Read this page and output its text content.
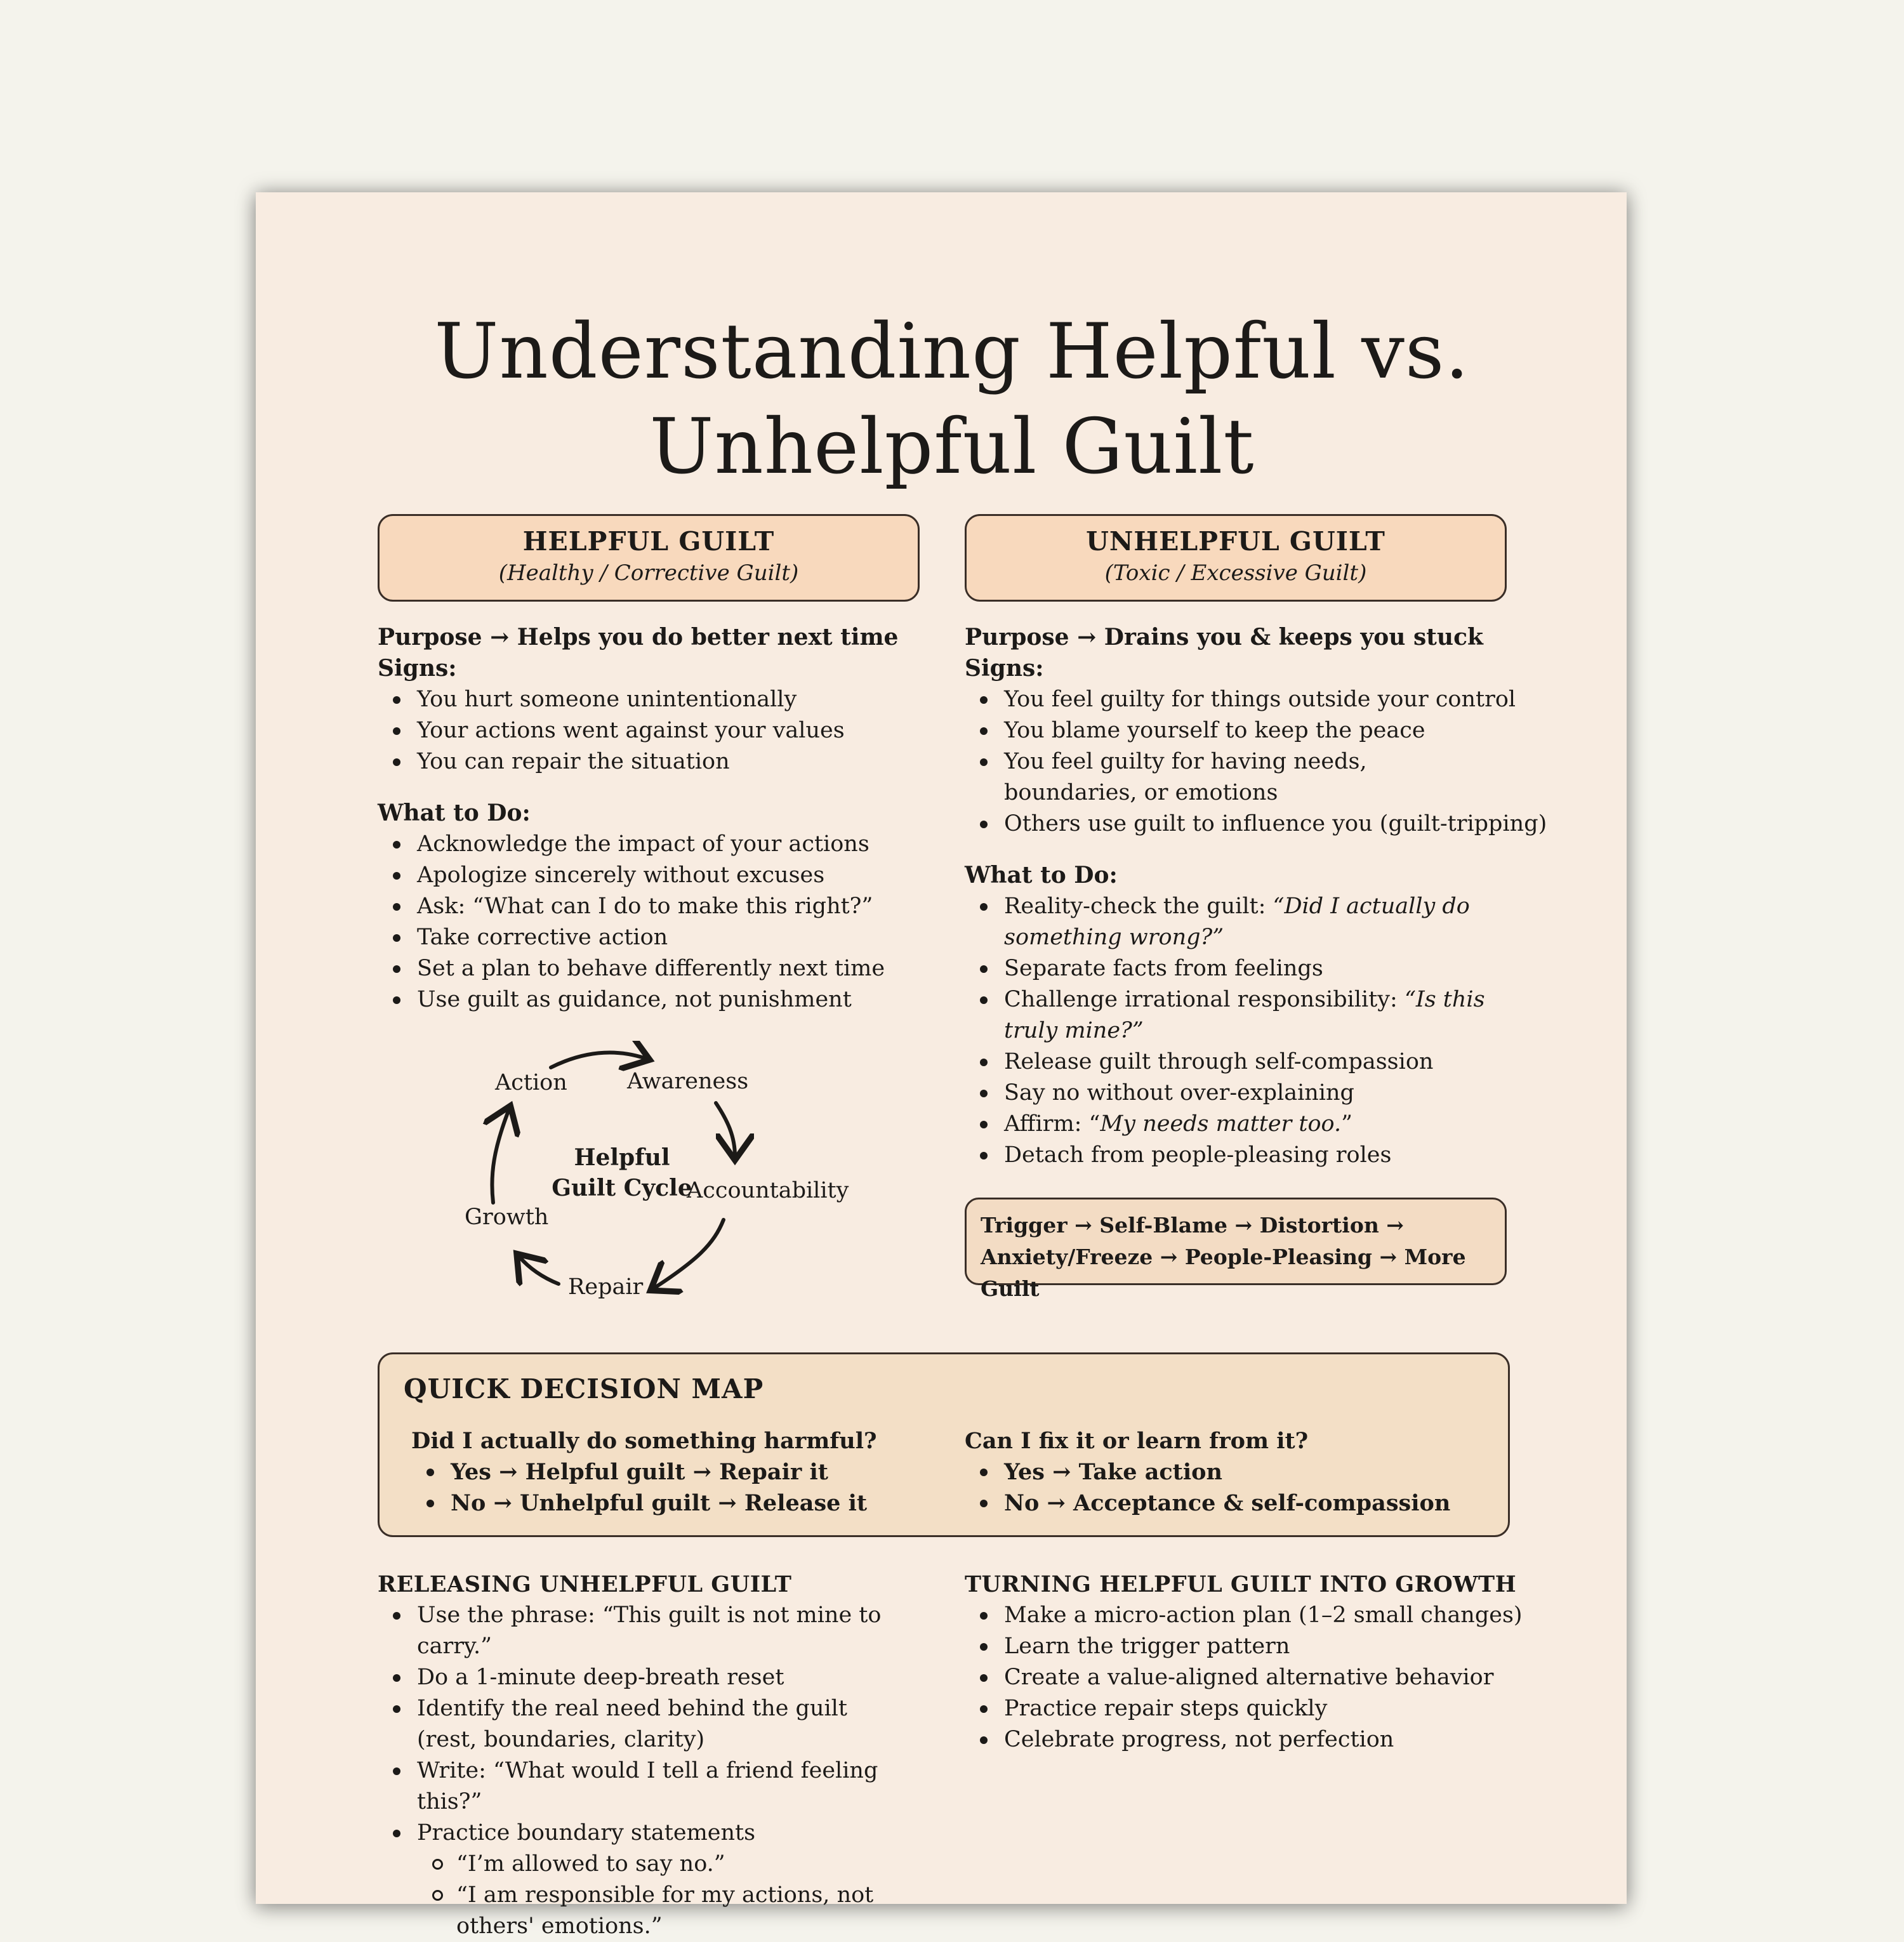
Understanding Helpful vs.
Unhelpful Guilt
HELPFUL GUILT
(Healthy / Corrective Guilt)
UNHELPFUL GUILT
(Toxic / Excessive Guilt)
Purpose → Helps you do better next time
Signs:
You hurt someone unintentionally
Your actions went against your values
You can repair the situation
What to Do:
Acknowledge the impact of your actions
Apologize sincerely without excuses
Ask: “What can I do to make this right?”
Take corrective action
Set a plan to behave differently next time
Use guilt as guidance, not punishment
Awareness
Accountability
Repair
Growth
Action
Helpful
Guilt Cycle
Purpose → Drains you & keeps you stuck
Signs:
You feel guilty for things outside your control
You blame yourself to keep the peace
You feel guilty for having needs, boundaries, or emotions
Others use guilt to influence you (guilt-tripping)
What to Do:
Reality-check the guilt: “Did I actually do something wrong?”
Separate facts from feelings
Challenge irrational responsibility: “Is this truly mine?”
Release guilt through self-compassion
Say no without over-explaining
Affirm: “My needs matter too.”
Detach from people-pleasing roles
Trigger → Self-Blame → Distortion →
Anxiety/Freeze → People-Pleasing → More Guilt
QUICK DECISION MAP
Did I actually do something harmful?
Yes → Helpful guilt → Repair it
No → Unhelpful guilt → Release it
Can I fix it or learn from it?
Yes → Take action
No → Acceptance & self-compassion
RELEASING UNHELPFUL GUILT
Use the phrase: “This guilt is not mine to carry.”
Do a 1-minute deep-breath reset
Identify the real need behind the guilt (rest, boundaries, clarity)
Write: “What would I tell a friend feeling this?”
Practice boundary statements
“I’m allowed to say no.”
“I am responsible for my actions, not others' emotions.”
TURNING HELPFUL GUILT INTO GROWTH
Make a micro-action plan (1–2 small changes)
Learn the trigger pattern
Create a value-aligned alternative behavior
Practice repair steps quickly
Celebrate progress, not perfection
